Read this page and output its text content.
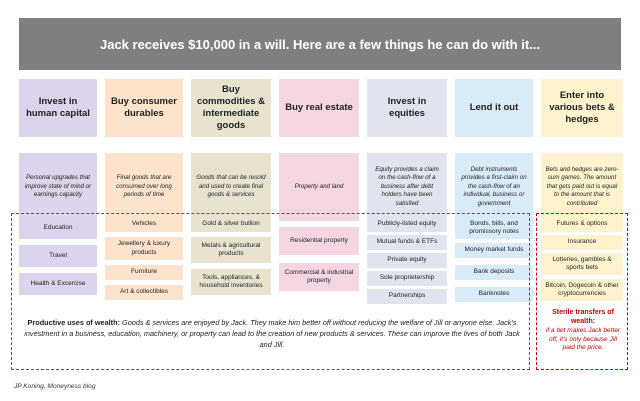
Jack receives $10,000 in a will. Here are a few things he can do with it...
Invest in human capital
Personal upgrades that improve state of mind or earnings capacity
Education
Travel
Health & Excercise
Buy consumer durables
Final goods that are consumed over long periods of time
Vehicles
Jewellery & luxury products
Furniture
Art & collectibles
Buy commodities & intermediate goods
Goods that can be resold and used to create final goods & services
Gold & silver bullion
Metals & agricultural products
Tools, appliances, & household inventories
Buy real estate
Property and land
Residential property
Commercial & industrial property
Invest in equities
Equity provides a claim on the cash-flow of a business after debt holders have been satisfied
Publicly-listed equity
Mutual funds & ETFs
Private equity
Sole proprietership
Partnerships
Lend it out
Debt instruments provides a first-claim on the cash-flow of an individual, business or government
Bonds, bills, and promissory notes
Money market funds
Bank deposits
Banknotes
Enter into various bets & hedges
Bets and hedges are zero-sum games. The amount that gets paid out is equal to the amount that is contributed
Futures & options
Insurance
Lotteries, gambles & sports bets
Bitcoin, Dogecoin & other cryptocurrencies
Productive uses of wealth: Goods & services are enjoyed by Jack. They make him better off without reducing the welfare of Jill or anyone else. Jack's investment in a business, education, machinery, or property can lead to the creation of new products & services. These can improve the lives of both Jack and Jill.
Sterile transfers of wealth:
if a bet makes Jack better off, it's only because Jill paid the price.
JP Koning, Moneyness blog
